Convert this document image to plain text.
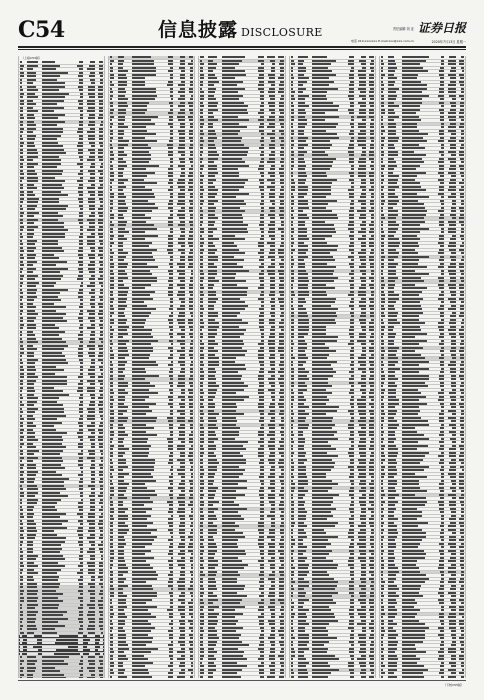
C54	信息披露 DISCLOSURE	责任编辑 刘 亚
电话 010-xxxxxxx E-mail:xxx@xxx.com.cn
证券日报
2020年7月13日 星期一
（上接C53版）
（下转C55版）
